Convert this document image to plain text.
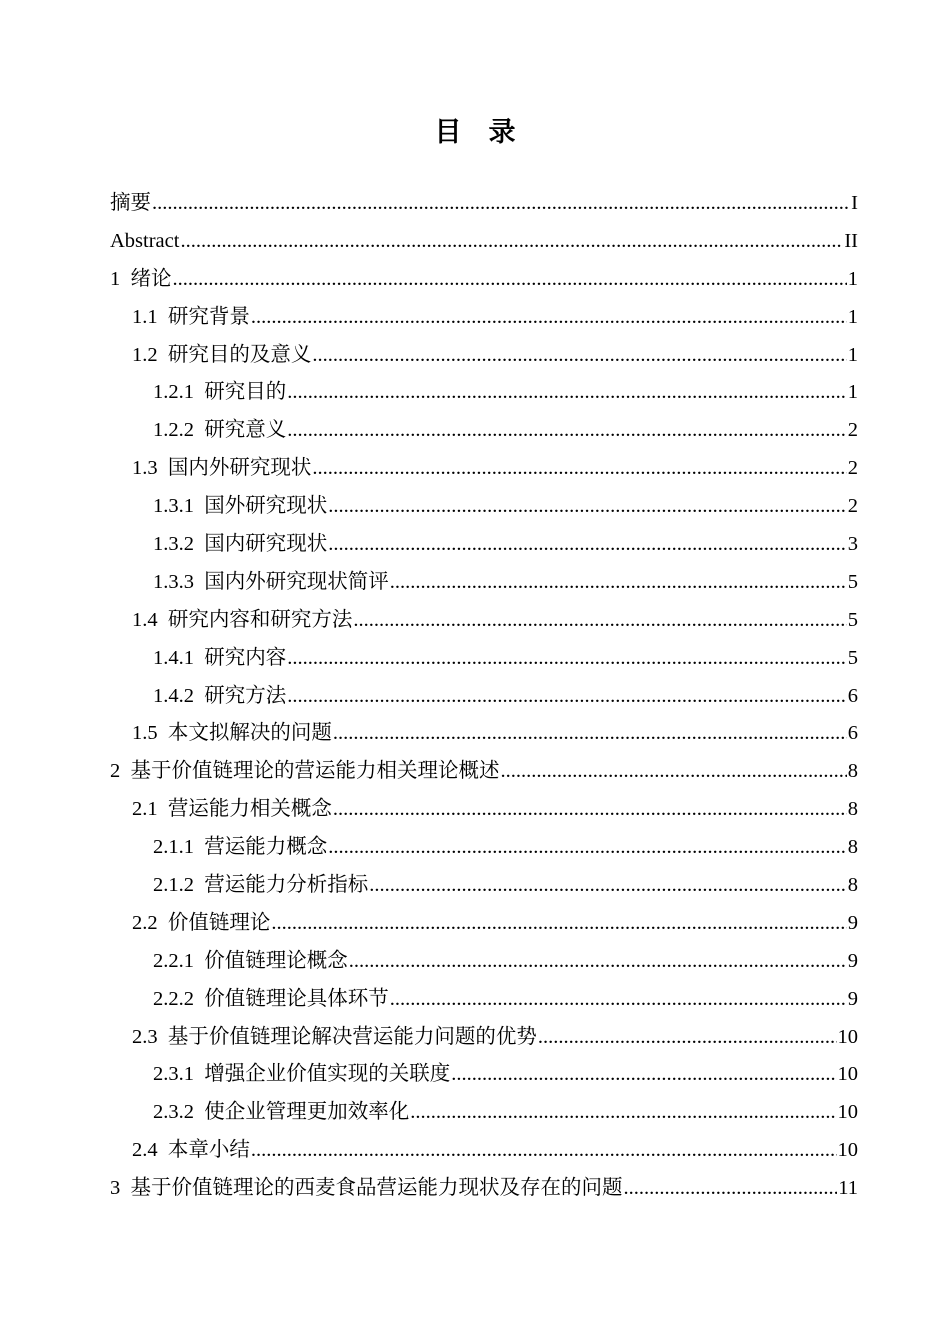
目　录
摘要 .....	I
Abstract .....	II
1 绪论 .....	1
1.1 研究背景 .....	1
1.2 研究目的及意义 .....	1
1.2.1 研究目的 .....	1
1.2.2 研究意义 .....	2
1.3 国内外研究现状 .....	2
1.3.1 国外研究现状 .....	2
1.3.2 国内研究现状 .....	3
1.3.3 国内外研究现状简评 .....	5
1.4 研究内容和研究方法 .....	5
1.4.1 研究内容 .....	5
1.4.2 研究方法 .....	6
1.5 本文拟解决的问题 .....	6
2 基于价值链理论的营运能力相关理论概述 .....	8
2.1 营运能力相关概念 .....	8
2.1.1 营运能力概念 .....	8
2.1.2 营运能力分析指标 .....	8
2.2 价值链理论 .....	9
2.2.1 价值链理论概念 .....	9
2.2.2 价值链理论具体环节 .....	9
2.3 基于价值链理论解决营运能力问题的优势 .....	10
2.3.1 增强企业价值实现的关联度 .....	10
2.3.2 使企业管理更加效率化 .....	10
2.4 本章小结 .....	10
3 基于价值链理论的西麦食品营运能力现状及存在的问题 .....	11
